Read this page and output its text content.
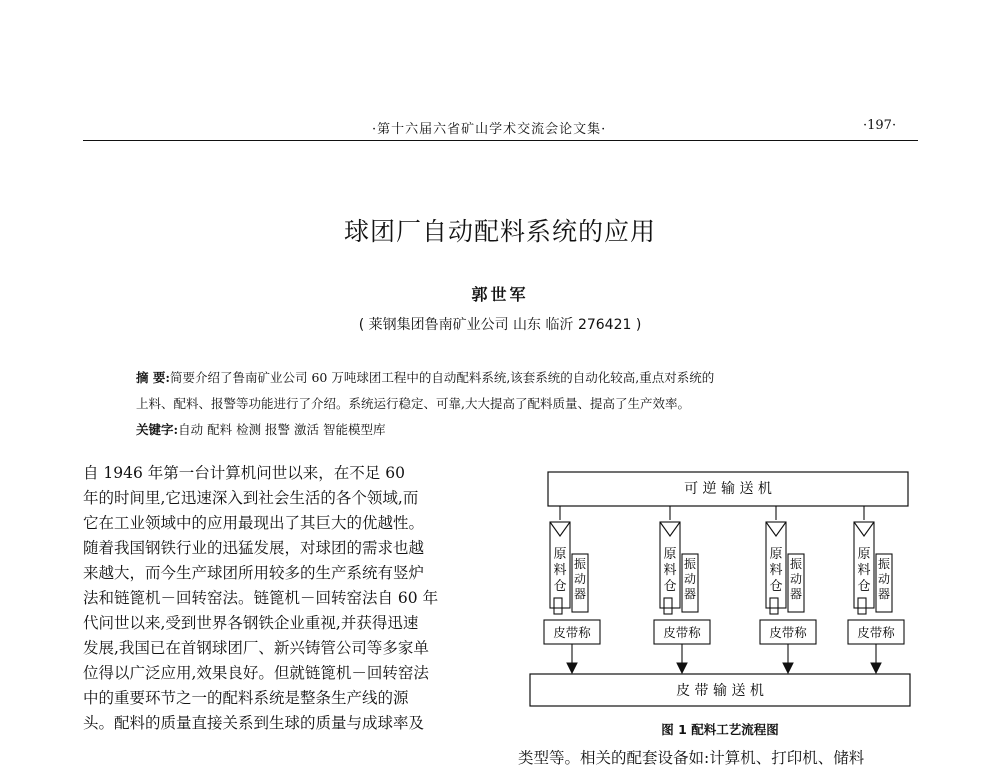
·第十六届六省矿山学术交流会论文集·	·197·
球团厂自动配料系统的应用
郭世军
( 莱钢集团鲁南矿业公司 山东 临沂 276421 )
摘 要:简要介绍了鲁南矿业公司 60 万吨球团工程中的自动配料系统,该套系统的自动化较高,重点对系统的
上料、配料、报警等功能进行了介绍。系统运行稳定、可靠,大大提高了配料质量、提高了生产效率。
关键字:自动 配料 检测 报警 激活 智能模型库
自 1946 年第一台计算机问世以来，在不足 60
年的时间里,它迅速深入到社会生活的各个领域,而
它在工业领域中的应用最现出了其巨大的优越性。
随着我国钢铁行业的迅猛发展，对球团的需求也越
来越大，而今生产球团所用较多的生产系统有竖炉
法和链篦机－回转窑法。链篦机－回转窑法自 60 年
代问世以来,受到世界各钢铁企业重视,并获得迅速
发展,我国已在首钢球团厂、新兴铸管公司等多家单
位得以广泛应用,效果良好。但就链篦机－回转窑法
中的重要环节之一的配料系统是整条生产线的源
头。配料的质量直接关系到生球的质量与成球率及
可 逆 输 送 机
皮 带 输 送 机
原
料
仓
振
动
器
皮带称
原
料
仓
振
动
器
皮带称
原
料
仓
振
动
器
皮带称
原
料
仓
振
动
器
皮带称
图 1 配料工艺流程图
类型等。相关的配套设备如:计算机、打印机、储料
